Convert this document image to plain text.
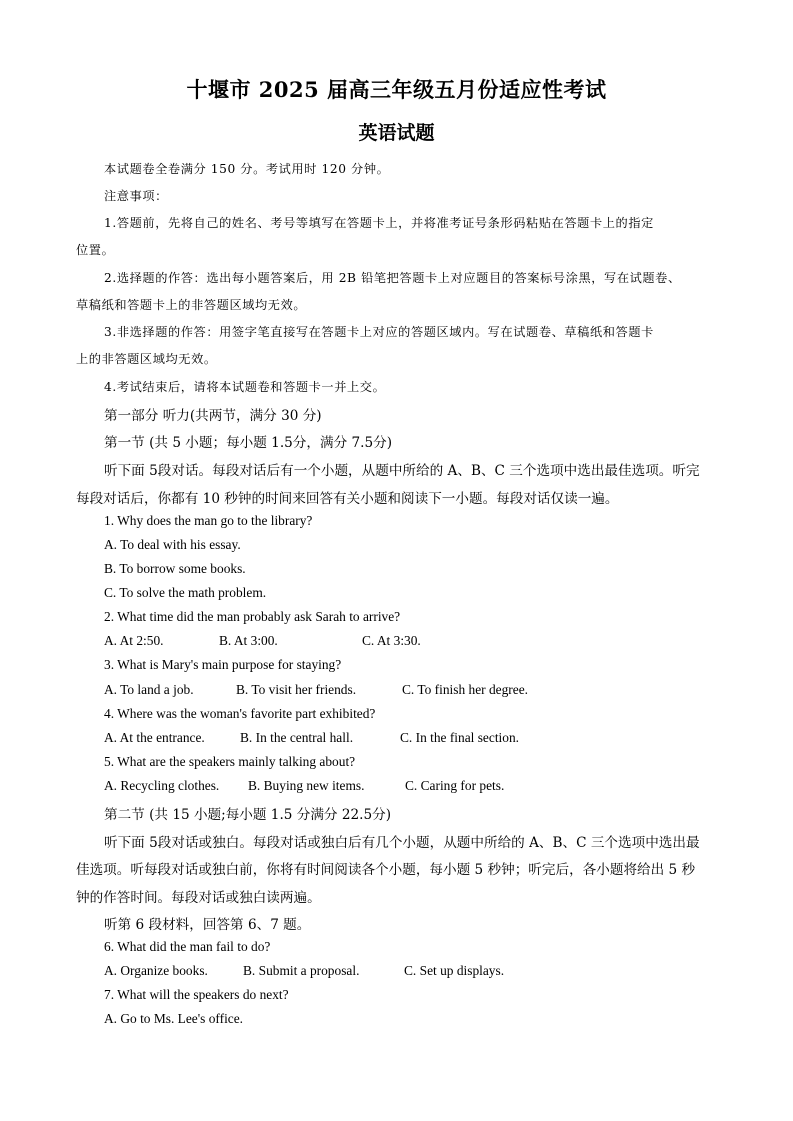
十堰市 2025 届高三年级五月份适应性考试
英语试题
本试题卷全卷满分 150 分。考试用时 120 分钟。
注意事项：
1.答题前，先将自己的姓名、考号等填写在答题卡上，并将准考证号条形码粘贴在答题卡上的指定
位置。
2.选择题的作答：选出每小题答案后，用 2B 铅笔把答题卡上对应题目的答案标号涂黑，写在试题卷、
草稿纸和答题卡上的非答题区域均无效。
3.非选择题的作答：用签字笔直接写在答题卡上对应的答题区域内。写在试题卷、草稿纸和答题卡
上的非答题区域均无效。
4.考试结束后，请将本试题卷和答题卡一并上交。
第一部分 听力(共两节，满分 30 分)
第一节 (共 5 小题；每小题 1.5分，满分 7.5分)
听下面 5段对话。每段对话后有一个小题，从题中所给的 A、B、C 三个选项中选出最佳选项。听完
每段对话后，你都有 10 秒钟的时间来回答有关小题和阅读下一小题。每段对话仅读一遍。
1. Why does the man go to the library?
A. To deal with his essay.
B. To borrow some books.
C. To solve the math problem.
2. What time did the man probably ask Sarah to arrive?
A. At 2:50.	B. At 3:00.	C. At 3:30.
3. What is Mary's main purpose for staying?
A. To land a job.	B. To visit her friends.	C. To finish her degree.
4. Where was the woman's favorite part exhibited?
A. At the entrance.	B. In the central hall.	C. In the final section.
5. What are the speakers mainly talking about?
A. Recycling clothes. B. Buying new items.	C. Caring for pets.
第二节 (共 15 小题;每小题 1.5 分满分 22.5分)
听下面 5段对话或独白。每段对话或独白后有几个小题，从题中所给的 A、B、C 三个选项中选出最
佳选项。听每段对话或独白前，你将有时间阅读各个小题，每小题 5 秒钟；听完后，各小题将给出 5 秒
钟的作答时间。每段对话或独白读两遍。
听第 6 段材料，回答第 6、7 题。
6. What did the man fail to do?
A. Organize books.	B. Submit a proposal.	C. Set up displays.
7. What will the speakers do next?
A. Go to Ms. Lee's office.
